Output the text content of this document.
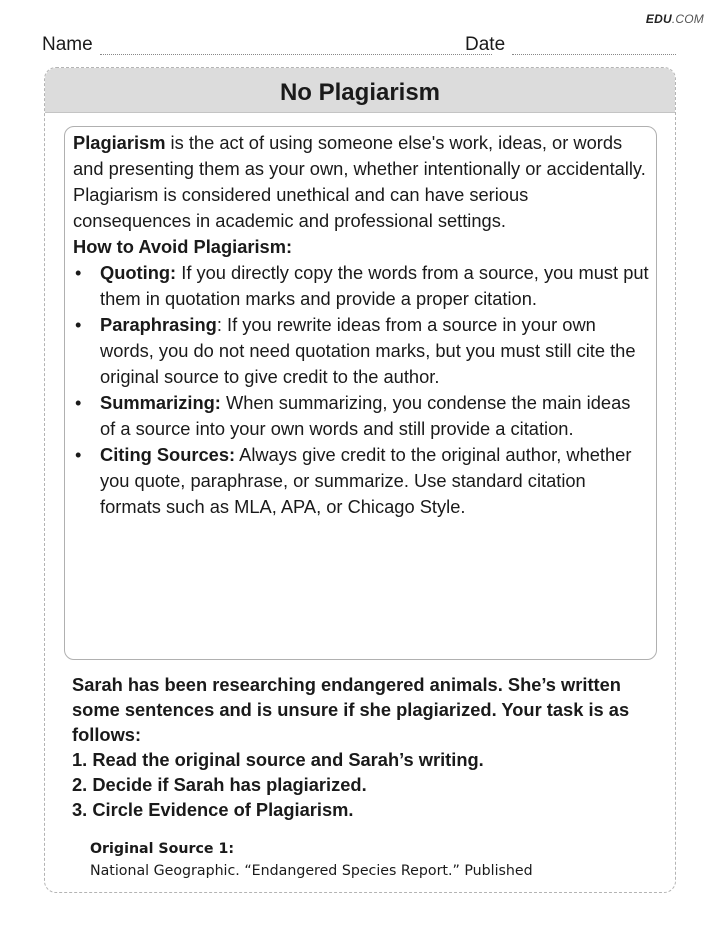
EDU.COM
Name	Date
No Plagiarism

Plagiarism is the act of using someone else's work, ideas, or words and presenting them as your own, whether intentionally or accidentally. Plagiarism is considered unethical and can have serious consequences in academic and professional settings.

How to Avoid Plagiarism:

• Quoting: If you directly copy the words from a source, you must put them in quotation marks and provide a proper citation.
• Paraphrasing: If you rewrite ideas from a source in your own words, you do not need quotation marks, but you must still cite the original source to give credit to the author.
• Summarizing: When summarizing, you condense the main ideas of a source into your own words and still provide a citation.
• Citing Sources: Always give credit to the original author, whether you quote, paraphrase, or summarize. Use standard citation formats such as MLA, APA, or Chicago Style.
Sarah has been researching endangered animals. She’s written some sentences and is unsure if she plagiarized. Your task is as follows:
1. Read the original source and Sarah’s writing.
2. Decide if Sarah has plagiarized.
3. Circle Evidence of Plagiarism.
Original Source 1:
National Geographic. “Endangered Species Report.” Published
